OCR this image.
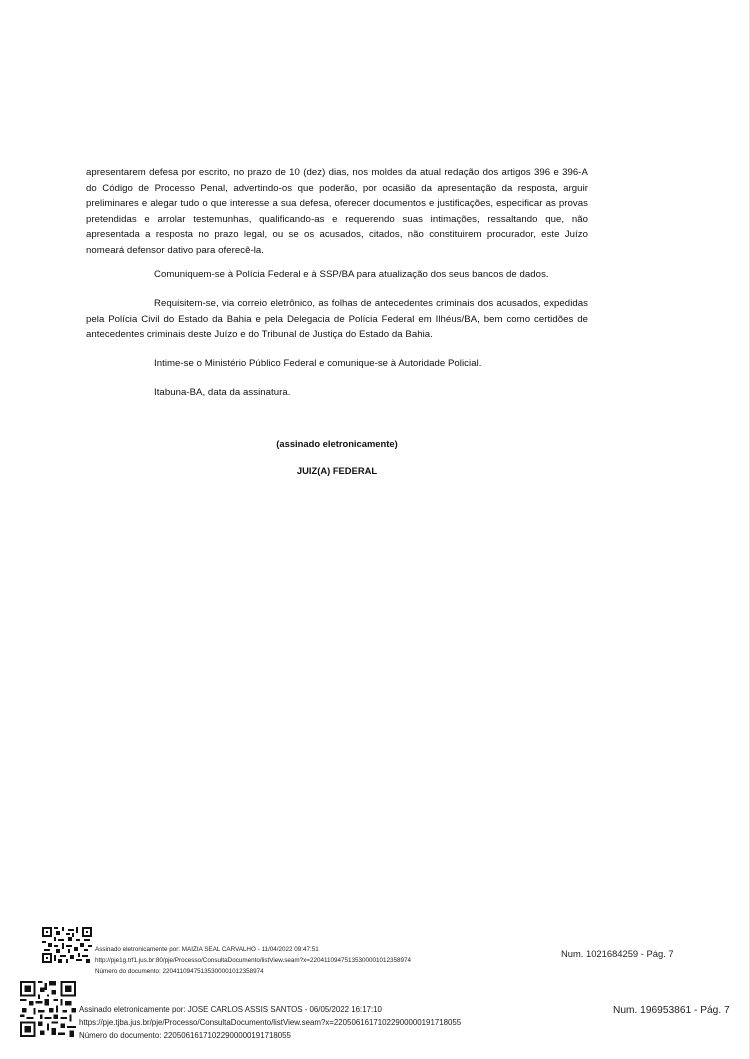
apresentarem defesa por escrito, no prazo de 10 (dez) dias, nos moldes da atual redação dos artigos 396 e 396-A do Código de Processo Penal, advertindo-os que poderão, por ocasião da apresentação da resposta, arguir preliminares e alegar tudo o que interesse a sua defesa, oferecer documentos e justificações, especificar as provas pretendidas e arrolar testemunhas, qualificando-as e requerendo suas intimações, ressaltando que, não apresentada a resposta no prazo legal, ou se os acusados, citados, não constituirem procurador, este Juízo nomeará defensor dativo para oferecê-la.
Comuniquem-se à Polícia Federal e à SSP/BA para atualização dos seus bancos de dados.
Requisitem-se, via correio eletrônico, as folhas de antecedentes criminais dos acusados, expedidas pela Polícia Civil do Estado da Bahia e pela Delegacia de Polícia Federal em Ilhéus/BA, bem como certidões de antecedentes criminais deste Juízo e do Tribunal de Justiça do Estado da Bahia.
Intime-se o Ministério Público Federal e comunique-se à Autoridade Policial.
Itabuna-BA, data da assinatura.
(assinado eletronicamente)
JUIZ(A) FEDERAL
Assinado eletronicamente por: MAIZIA SEAL CARVALHO - 11/04/2022 09:47:51
http://pje1g.trf1.jus.br:80/pje/Processo/ConsultaDocumento/listView.seam?x=22041109475135300001012358974
Número do documento: 22041109475135300001012358974
Num. 1021684259 - Pág. 7
Assinado eletronicamente por: JOSE CARLOS ASSIS SANTOS - 06/05/2022 16:17:10
https://pje.tjba.jus.br/pje/Processo/ConsultaDocumento/listView.seam?x=22050616171022900000191718055
Número do documento: 22050616171022900000191718055
Num. 196953861 - Pág. 7
